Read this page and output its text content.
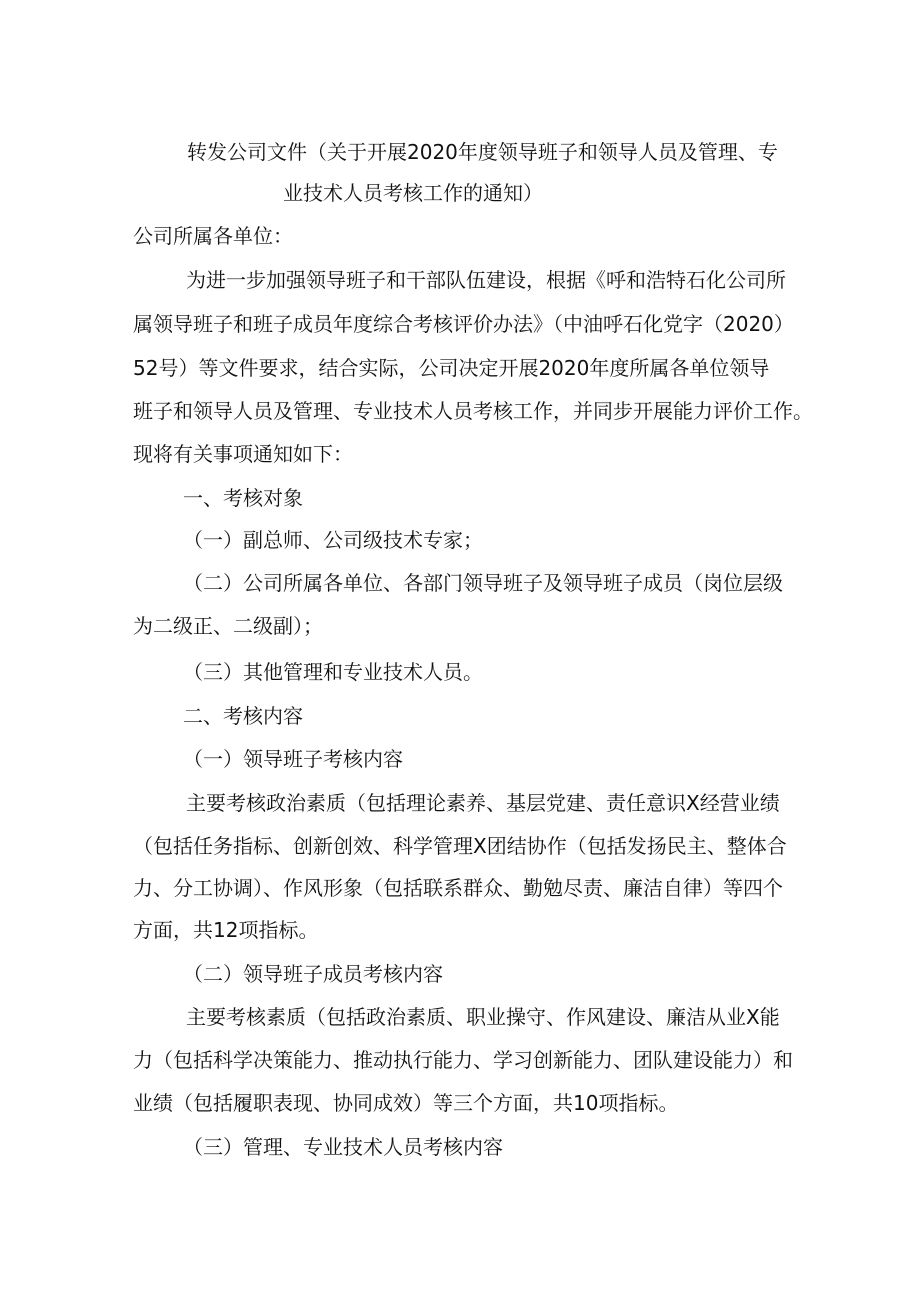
转发公司文件（关于开展2020年度领导班子和领导人员及管理、专
业技术人员考核工作的通知）
公司所属各单位：
为进一步加强领导班子和干部队伍建设，根据《呼和浩特石化公司所
属领导班子和班子成员年度综合考核评价办法》（中油呼石化党字（2020）
52号）等文件要求，结合实际，公司决定开展2020年度所属各单位领导
班子和领导人员及管理、专业技术人员考核工作，并同步开展能力评价工作。
现将有关事项通知如下：
一、考核对象
（一）副总师、公司级技术专家；
（二）公司所属各单位、各部门领导班子及领导班子成员（岗位层级
为二级正、二级副）；
（三）其他管理和专业技术人员。
二、考核内容
（一）领导班子考核内容
主要考核政治素质（包括理论素养、基层党建、责任意识X经营业绩
（包括任务指标、创新创效、科学管理X团结协作（包括发扬民主、整体合
力、分工协调）、作风形象（包括联系群众、勤勉尽责、廉洁自律）等四个
方面，共12项指标。
（二）领导班子成员考核内容
主要考核素质（包括政治素质、职业操守、作风建设、廉洁从业X能
力（包括科学决策能力、推动执行能力、学习创新能力、团队建设能力）和
业绩（包括履职表现、协同成效）等三个方面，共10项指标。
（三）管理、专业技术人员考核内容
